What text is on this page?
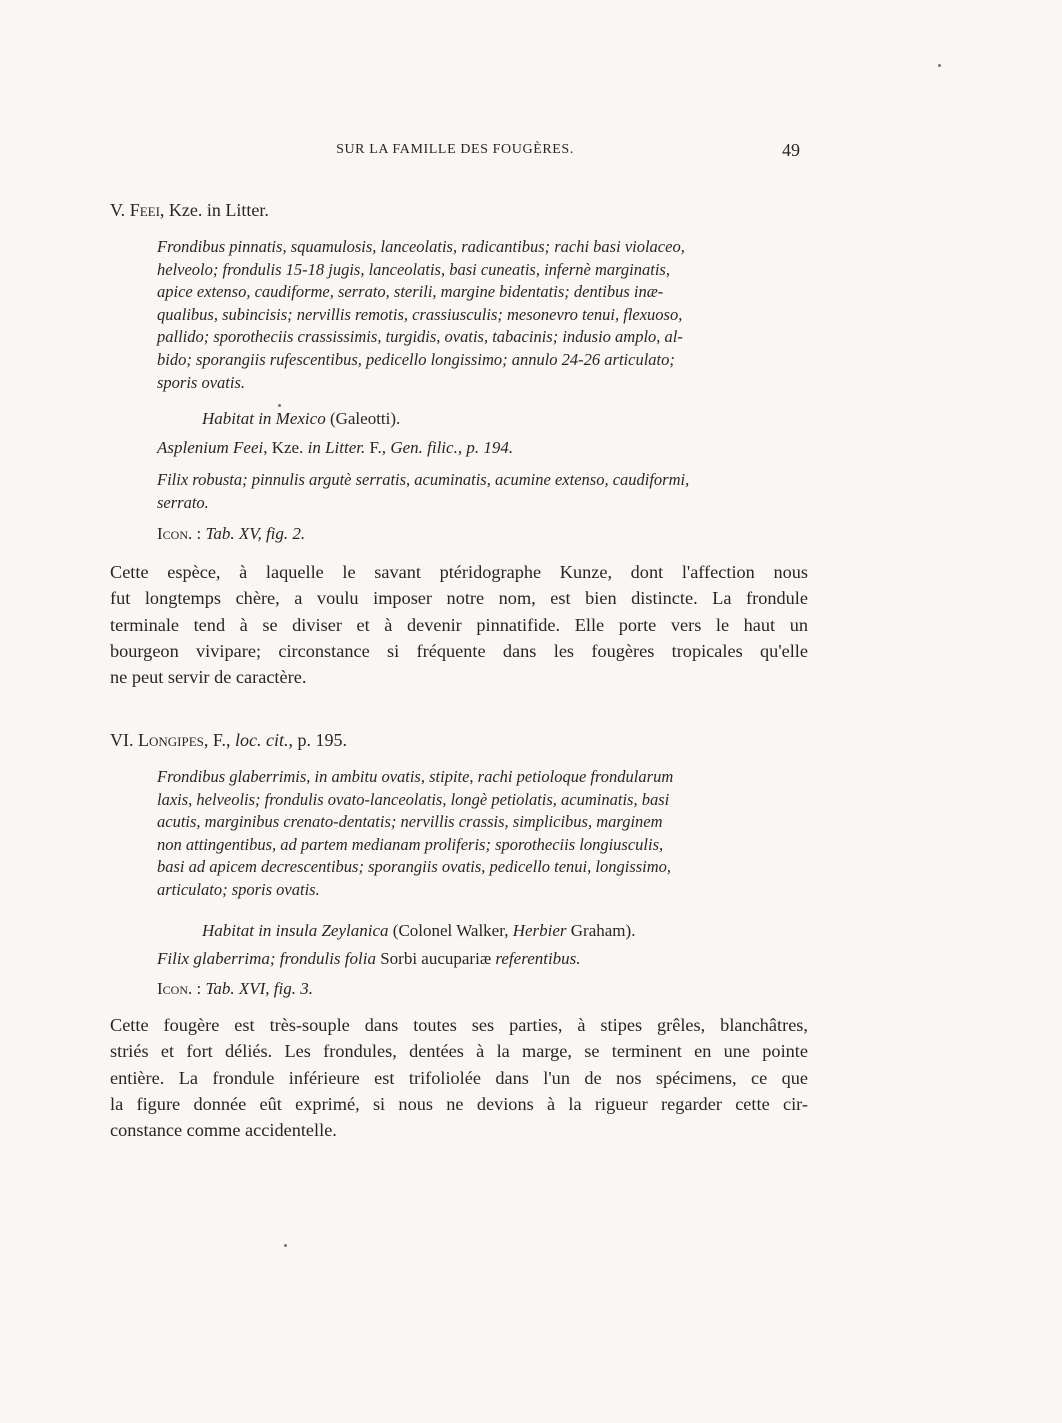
SUR LA FAMILLE DES FOUGÈRES.	49
V. Feei, Kze. in Litter.
Frondibus pinnatis, squamulosis, lanceolatis, radicantibus; rachi basi violaceo,
helveolo; frondulis 15-18 jugis, lanceolatis, basi cuneatis, infernè marginatis,
apice extenso, caudiforme, serrato, sterili, margine bidentatis; dentibus inæ-
qualibus, subincisis; nervillis remotis, crassiusculis; mesonevro tenui, flexuoso,
pallido; sporotheciis crassissimis, turgidis, ovatis, tabacinis; indusio amplo, al-
bido; sporangiis rufescentibus, pedicello longissimo; annulo 24-26 articulato;
sporis ovatis.
Habitat in Mexico (Galeotti).
Asplenium Feei, Kze. in Litter. F., Gen. filic., p. 194.
Filix robusta; pinnulis argutè serratis, acuminatis, acumine extenso, caudiformi,
serrato.
Icon. : Tab. XV, fig. 2.
Cette espèce, à laquelle le savant ptéridographe Kunze, dont l'affection nous
fut longtemps chère, a voulu imposer notre nom, est bien distincte. La frondule
terminale tend à se diviser et à devenir pinnatifide. Elle porte vers le haut un
bourgeon vivipare; circonstance si fréquente dans les fougères tropicales qu'elle
ne peut servir de caractère.
VI. Longipes, F., loc. cit., p. 195.
Frondibus glaberrimis, in ambitu ovatis, stipite, rachi petioloque frondularum
laxis, helveolis; frondulis ovato-lanceolatis, longè petiolatis, acuminatis, basi
acutis, marginibus crenato-dentatis; nervillis crassis, simplicibus, marginem
non attingentibus, ad partem medianam proliferis; sporotheciis longiusculis,
basi ad apicem decrescentibus; sporangiis ovatis, pedicello tenui, longissimo,
articulato; sporis ovatis.
Habitat in insula Zeylanica (Colonel Walker, Herbier Graham).
Filix glaberrima; frondulis folia Sorbi aucupariæ referentibus.
Icon. : Tab. XVI, fig. 3.
Cette fougère est très-souple dans toutes ses parties, à stipes grêles, blanchâtres,
striés et fort déliés. Les frondules, dentées à la marge, se terminent en une pointe
entière. La frondule inférieure est trifoliolée dans l'un de nos spécimens, ce que
la figure donnée eût exprimé, si nous ne devions à la rigueur regarder cette cir-
constance comme accidentelle.
